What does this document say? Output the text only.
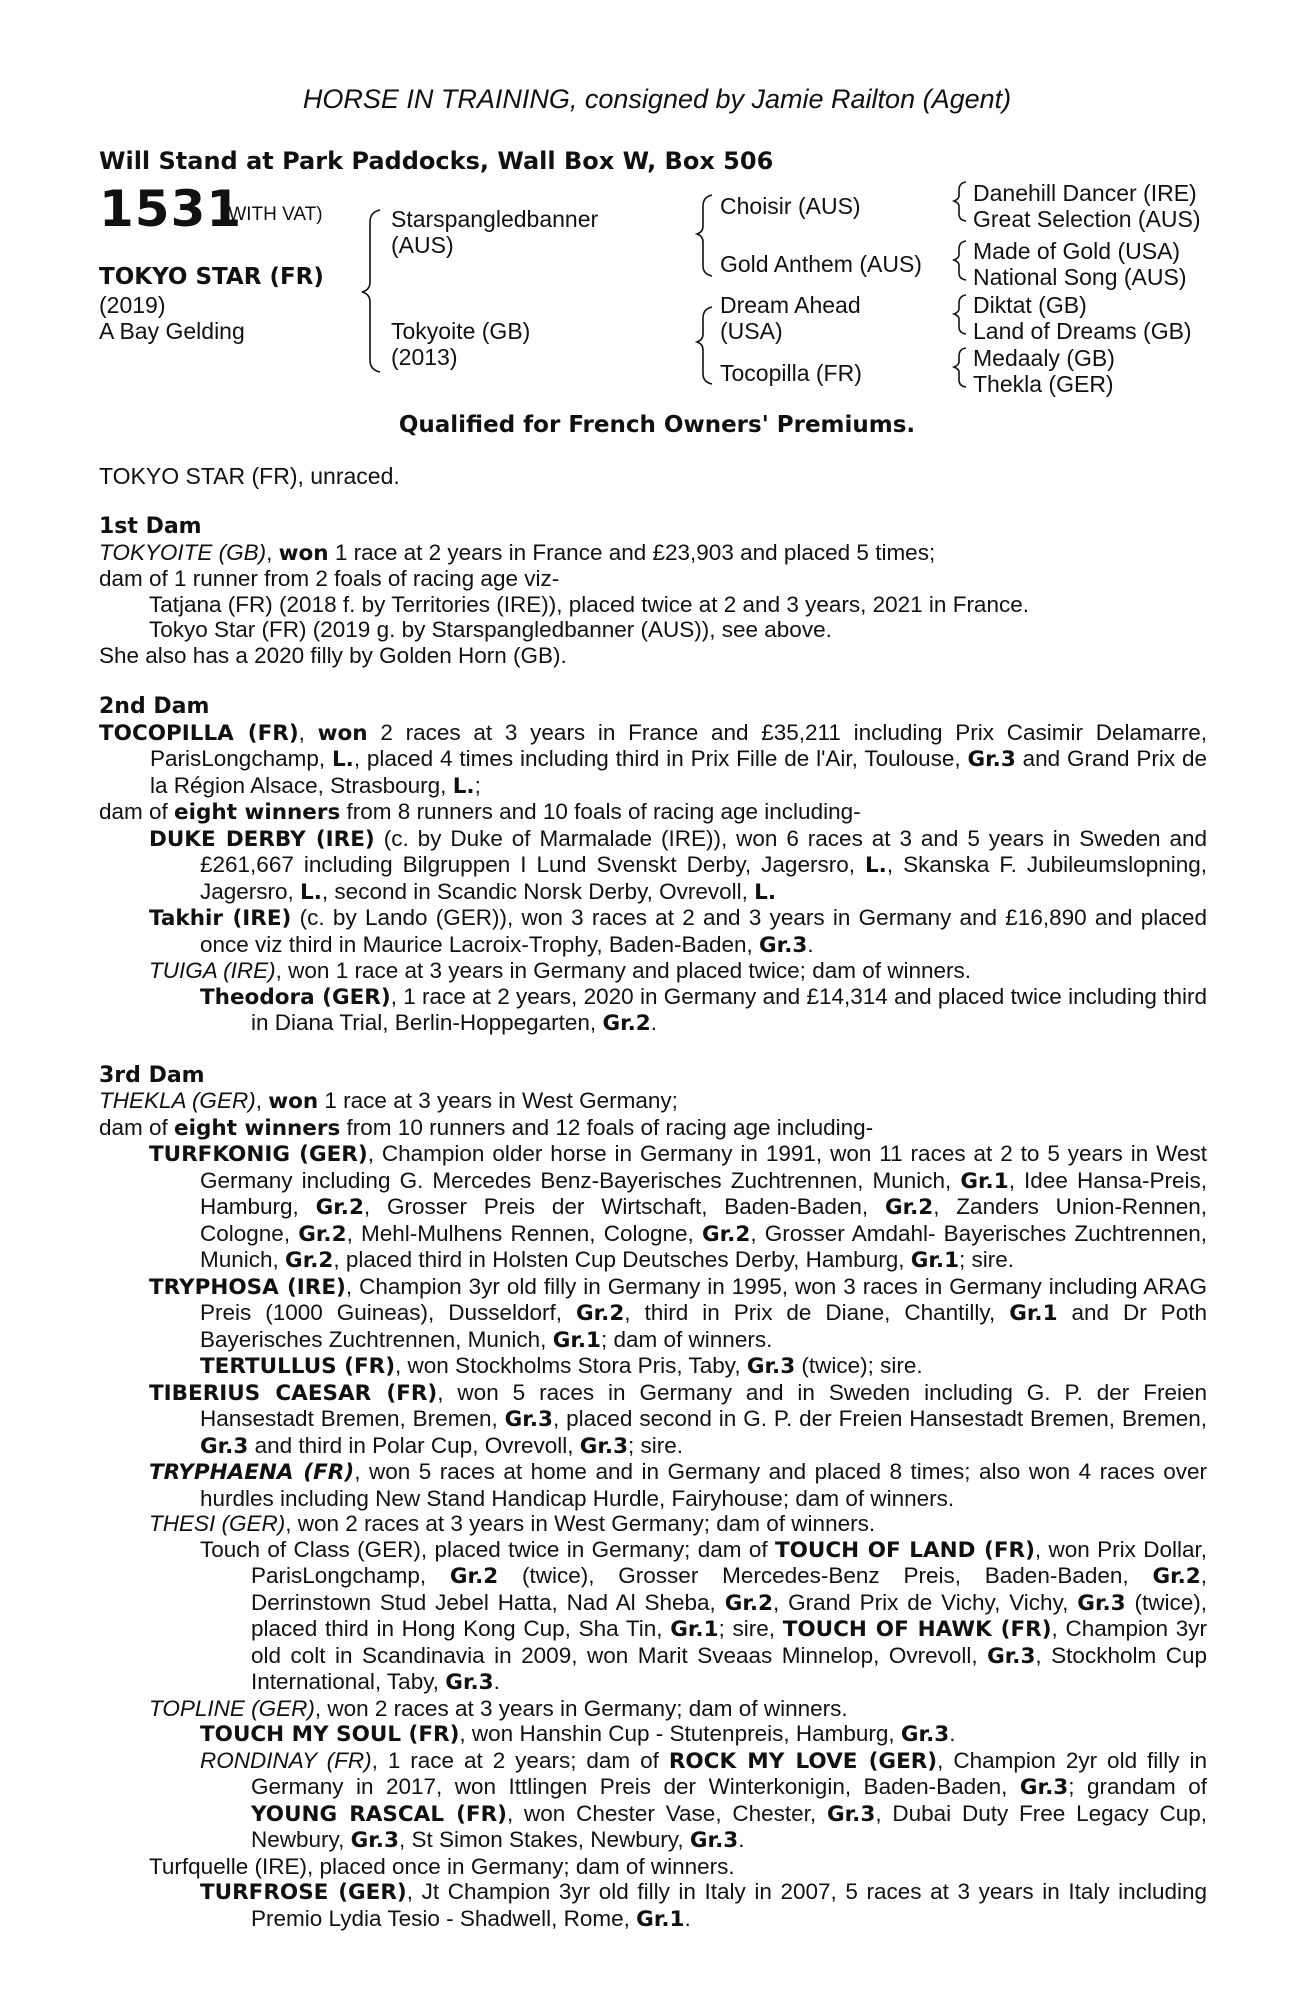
HORSE IN TRAINING, consigned by Jamie Railton (Agent)
Will Stand at Park Paddocks, Wall Box W, Box 506
1531
(WITH VAT)
TOKYO STAR (FR)
(2019)
A Bay Gelding
Starspangledbanner
(AUS)
Tokyoite (GB)
(2013)
Choisir (AUS)
Gold Anthem (AUS)
Dream Ahead
(USA)
Tocopilla (FR)
Danehill Dancer (IRE)
Great Selection (AUS)
Made of Gold (USA)
National Song (AUS)
Diktat (GB)
Land of Dreams (GB)
Medaaly (GB)
Thekla (GER)
Qualified for French Owners' Premiums.
TOKYO STAR (FR), unraced.
1st Dam
TOKYOITE (GB), won 1 race at 2 years in France and £23,903 and placed 5 times;
dam of 1 runner from 2 foals of racing age viz-
Tatjana (FR) (2018 f. by Territories (IRE)), placed twice at 2 and 3 years, 2021 in France.
Tokyo Star (FR) (2019 g. by Starspangledbanner (AUS)), see above.
She also has a 2020 filly by Golden Horn (GB).
2nd Dam
TOCOPILLA (FR), won 2 races at 3 years in France and £35,211 including Prix Casimir Delamarre, ParisLongchamp, L., placed 4 times including third in Prix Fille de l'Air, Toulouse, Gr.3 and Grand Prix de la Région Alsace, Strasbourg, L.;
dam of eight winners from 8 runners and 10 foals of racing age including-
DUKE DERBY (IRE) (c. by Duke of Marmalade (IRE)), won 6 races at 3 and 5 years in Sweden and £261,667 including Bilgruppen I Lund Svenskt Derby, Jagersro, L., Skanska F. Jubileumslopning, Jagersro, L., second in Scandic Norsk Derby, Ovrevoll, L.
Takhir (IRE) (c. by Lando (GER)), won 3 races at 2 and 3 years in Germany and £16,890 and placed once viz third in Maurice Lacroix-Trophy, Baden-Baden, Gr.3.
TUIGA (IRE), won 1 race at 3 years in Germany and placed twice; dam of winners.
Theodora (GER), 1 race at 2 years, 2020 in Germany and £14,314 and placed twice including third in Diana Trial, Berlin-Hoppegarten, Gr.2.
3rd Dam
THEKLA (GER), won 1 race at 3 years in West Germany;
dam of eight winners from 10 runners and 12 foals of racing age including-
TURFKONIG (GER), Champion older horse in Germany in 1991, won 11 races at 2 to 5 years in West Germany including G. Mercedes Benz-Bayerisches Zuchtrennen, Munich, Gr.1, Idee Hansa-Preis, Hamburg, Gr.2, Grosser Preis der Wirtschaft, Baden-Baden, Gr.2, Zanders Union-Rennen, Cologne, Gr.2, Mehl-Mulhens Rennen, Cologne, Gr.2, Grosser Amdahl- Bayerisches Zuchtrennen, Munich, Gr.2, placed third in Holsten Cup Deutsches Derby, Hamburg, Gr.1; sire.
TRYPHOSA (IRE), Champion 3yr old filly in Germany in 1995, won 3 races in Germany including ARAG Preis (1000 Guineas), Dusseldorf, Gr.2, third in Prix de Diane, Chantilly, Gr.1 and Dr Poth Bayerisches Zuchtrennen, Munich, Gr.1; dam of winners.
TERTULLUS (FR), won Stockholms Stora Pris, Taby, Gr.3 (twice); sire.
TIBERIUS CAESAR (FR), won 5 races in Germany and in Sweden including G. P. der Freien Hansestadt Bremen, Bremen, Gr.3, placed second in G. P. der Freien Hansestadt Bremen, Bremen, Gr.3 and third in Polar Cup, Ovrevoll, Gr.3; sire.
TRYPHAENA (FR), won 5 races at home and in Germany and placed 8 times; also won 4 races over hurdles including New Stand Handicap Hurdle, Fairyhouse; dam of winners.
THESI (GER), won 2 races at 3 years in West Germany; dam of winners.
Touch of Class (GER), placed twice in Germany; dam of TOUCH OF LAND (FR), won Prix Dollar, ParisLongchamp, Gr.2 (twice), Grosser Mercedes-Benz Preis, Baden-Baden, Gr.2, Derrinstown Stud Jebel Hatta, Nad Al Sheba, Gr.2, Grand Prix de Vichy, Vichy, Gr.3 (twice), placed third in Hong Kong Cup, Sha Tin, Gr.1; sire, TOUCH OF HAWK (FR), Champion 3yr old colt in Scandinavia in 2009, won Marit Sveaas Minnelop, Ovrevoll, Gr.3, Stockholm Cup International, Taby, Gr.3.
TOPLINE (GER), won 2 races at 3 years in Germany; dam of winners.
TOUCH MY SOUL (FR), won Hanshin Cup - Stutenpreis, Hamburg, Gr.3.
RONDINAY (FR), 1 race at 2 years; dam of ROCK MY LOVE (GER), Champion 2yr old filly in Germany in 2017, won Ittlingen Preis der Winterkonigin, Baden-Baden, Gr.3; grandam of YOUNG RASCAL (FR), won Chester Vase, Chester, Gr.3, Dubai Duty Free Legacy Cup, Newbury, Gr.3, St Simon Stakes, Newbury, Gr.3.
Turfquelle (IRE), placed once in Germany; dam of winners.
TURFROSE (GER), Jt Champion 3yr old filly in Italy in 2007, 5 races at 3 years in Italy including Premio Lydia Tesio - Shadwell, Rome, Gr.1.
